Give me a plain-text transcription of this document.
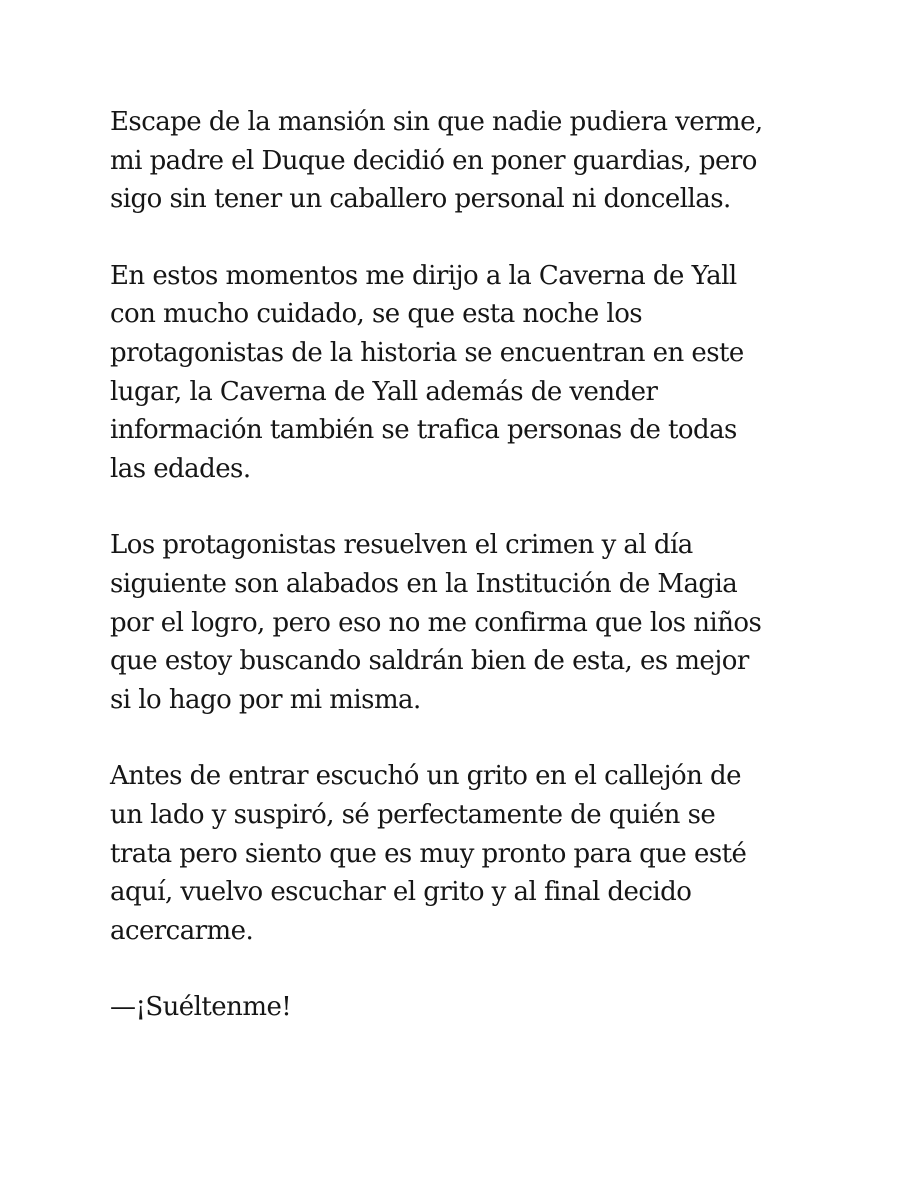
Escape de la mansión sin que nadie pudiera verme,
mi padre el Duque decidió en poner guardias, pero
sigo sin tener un caballero personal ni doncellas.

En estos momentos me dirijo a la Caverna de Yall
con mucho cuidado, se que esta noche los
protagonistas de la historia se encuentran en este
lugar, la Caverna de Yall además de vender
información también se trafica personas de todas
las edades.

Los protagonistas resuelven el crimen y al día
siguiente son alabados en la Institución de Magia
por el logro, pero eso no me confirma que los niños
que estoy buscando saldrán bien de esta, es mejor
si lo hago por mi misma.

Antes de entrar escuchó un grito en el callejón de
un lado y suspiró, sé perfectamente de quién se
trata pero siento que es muy pronto para que esté
aquí, vuelvo escuchar el grito y al final decido
acercarme.

—¡Suéltenme!
